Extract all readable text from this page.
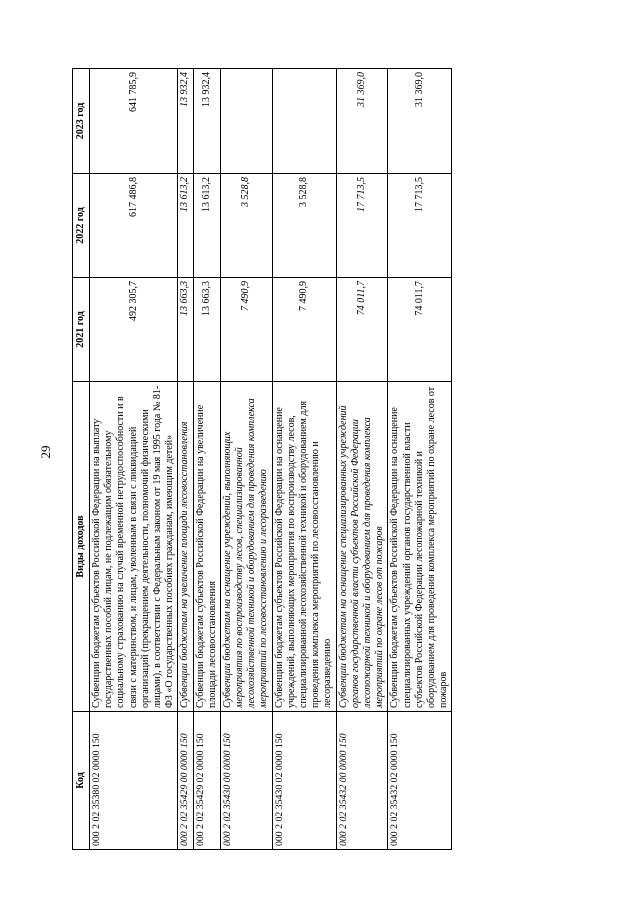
29
Код	Виды доходов	2021 год	2022 год	2023 год
000 2 02 35380 02 0000 150	Субвенции бюджетам субъектов Российской Федерации на выплату государственных пособий лицам, не подлежащим обязательному социальному страхованию на случай временной нетрудоспособности и в связи с материнством, и лицам, уволенным в связи с ликвидацией организаций (прекращением деятельности, полномочий физическими лицами), в соответствии с Федеральным законом от 19 мая 1995 года № 81-ФЗ «О государственных пособиях гражданам, имеющим детей»	492 305,7	617 486,8	641 785,9
000 2 02 35429 00 0000 150	Субвенции бюджетам на увеличение площади лесовосстановления	13 663,3	13 613,2	13 932,4
000 2 02 35429 02 0000 150	Субвенции бюджетам субъектов Российской Федерации на увеличение площади лесовосстановления	13 663,3	13 613,2	13 932,4
000 2 02 35430 00 0000 150	Субвенции бюджетам на оснащение учреждений, выполняющих мероприятия по воспроизводству лесов, специализированной лесохозяйственной техникой и оборудованием для проведения комплекса мероприятий по лесовосстановлению и лесоразведению	7 490,9	3 528,8	
000 2 02 35430 02 0000 150	Субвенции бюджетам субъектов Российской Федерации на оснащение учреждений, выполняющих мероприятия по воспроизводству лесов, специализированной лесохозяйственной техникой и оборудованием для проведения комплекса мероприятий по лесовосстановлению и лесоразведению	7 490,9	3 528,8	
000 2 02 35432 00 0000 150	Субвенции бюджетам на оснащение специализированных учреждений органов государственной власти субъектов Российской Федерации лесопожарной техникой и оборудованием для проведения комплекса мероприятий по охране лесов от пожаров	74 011,7	17 713,5	31 369,0
000 2 02 35432 02 0000 150	Субвенции бюджетам субъектов Российской Федерации на оснащение специализированных учреждений органов государственной власти субъектов Российской Федерации лесопожарной техникой и оборудованием для проведения комплекса мероприятий по охране лесов от пожаров	74 011,7	17 713,5	31 369,0
